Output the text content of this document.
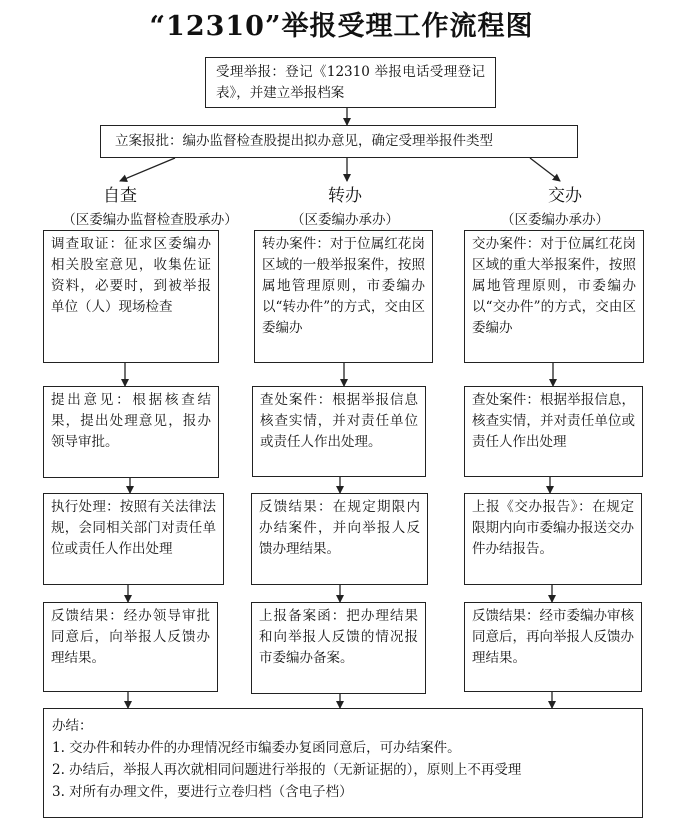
“12310”举报受理工作流程图
受理举报：登记《12310 举报电话受理登记表》，并建立举报档案
立案报批：编办监督检查股提出拟办意见，确定受理举报件类型
自查
（区委编办监督检查股承办）
转办
（区委编办承办）
交办
（区委编办承办）
调查取证：征求区委编办相关股室意见，收集佐证资料，必要时，到被举报单位（人）现场检查
提出意见：根据核查结果，提出处理意见，报办领导审批。
执行处理：按照有关法律法规，会同相关部门对责任单位或责任人作出处理
反馈结果：经办领导审批同意后，向举报人反馈办理结果。
转办案件：对于位属红花岗区域的一般举报案件，按照属地管理原则，市委编办以“转办件”的方式，交由区委编办
查处案件：根据举报信息核查实情，并对责任单位或责任人作出处理。
反馈结果：在规定期限内办结案件，并向举报人反馈办理结果。
上报备案函：把办理结果和向举报人反馈的情况报市委编办备案。
交办案件：对于位属红花岗区域的重大举报案件，按照属地管理原则，市委编办以“交办件”的方式，交由区委编办
查处案件：根据举报信息，核查实情，并对责任单位或责任人作出处理
上报《交办报告》：在规定限期内向市委编办报送交办件办结报告。
反馈结果：经市委编办审核同意后，再向举报人反馈办理结果。
办结：
1. 交办件和转办件的办理情况经市编委办复函同意后，可办结案件。
2. 办结后，举报人再次就相同问题进行举报的（无新证据的），原则上不再受理
3. 对所有办理文件，要进行立卷归档（含电子档）
